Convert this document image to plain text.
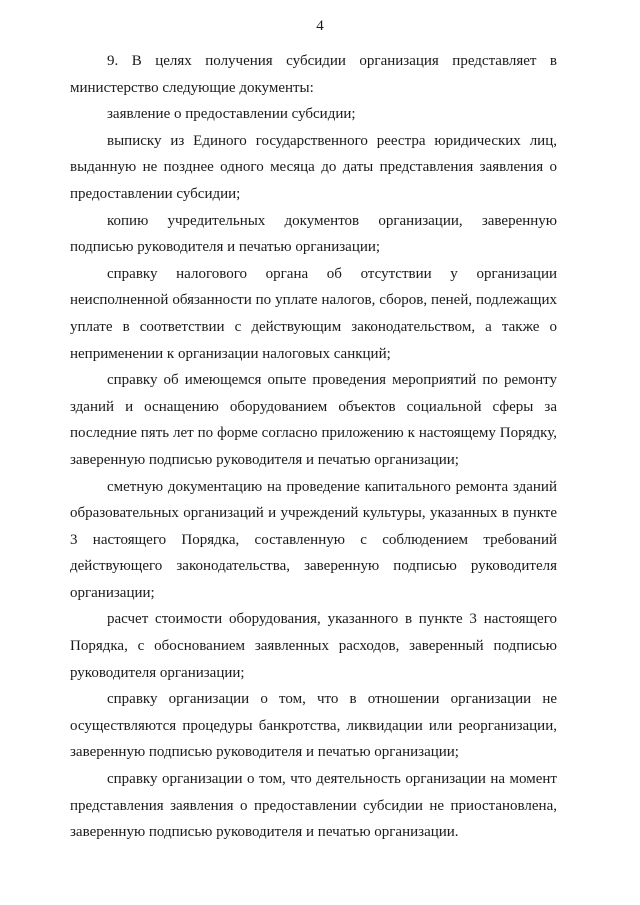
4

9. В целях получения субсидии организация представляет в министерство следующие документы:

заявление о предоставлении субсидии;

выписку из Единого государственного реестра юридических лиц, выданную не позднее одного месяца до даты представления заявления о предоставлении субсидии;

копию учредительных документов организации, заверенную подписью руководителя и печатью организации;

справку налогового органа об отсутствии у организации неисполненной обязанности по уплате налогов, сборов, пеней, подлежащих уплате в соответствии с действующим законодательством, а также о неприменении к организации налоговых санкций;

справку об имеющемся опыте проведения мероприятий по ремонту зданий и оснащению оборудованием объектов социальной сферы за последние пять лет по форме согласно приложению к настоящему Порядку, заверенную подписью руководителя и печатью организации;

сметную документацию на проведение капитального ремонта зданий образовательных организаций и учреждений культуры, указанных в пункте 3 настоящего Порядка, составленную с соблюдением требований действующего законодательства, заверенную подписью руководителя организации;

расчет стоимости оборудования, указанного в пункте 3 настоящего Порядка, с обоснованием заявленных расходов, заверенный подписью руководителя организации;

справку организации о том, что в отношении организации не осуществляются процедуры банкротства, ликвидации или реорганизации, заверенную подписью руководителя и печатью организации;

справку организации о том, что деятельность организации на момент представления заявления о предоставлении субсидии не приостановлена, заверенную подписью руководителя и печатью организации.
